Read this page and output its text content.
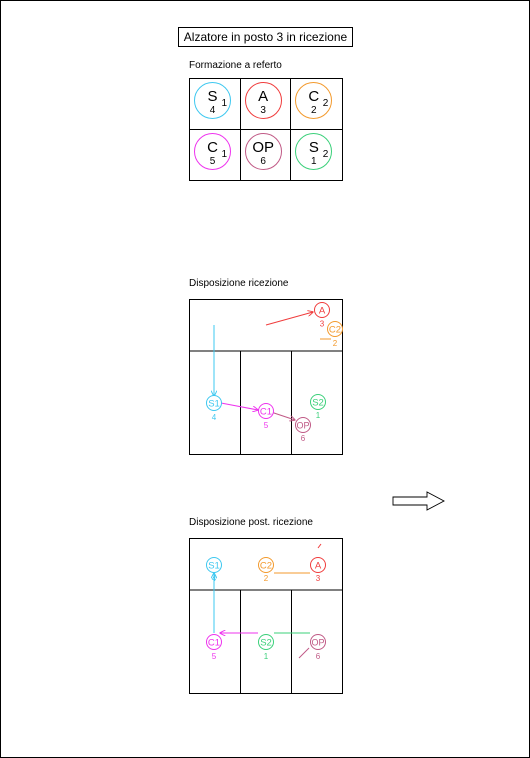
Alzatore in posto 3 in ricezione
Formazione a referto
S 1
4
A
3
C 2
2
C 1
5
OP
6
S 2
1
Disposizione ricezione
A
3
C2
2
S1
4	C1
5	OP
6
S2
1
Disposizione post. ricezione
S1
4
C2
2
A
3
C1
5
S2
1
OP
6
